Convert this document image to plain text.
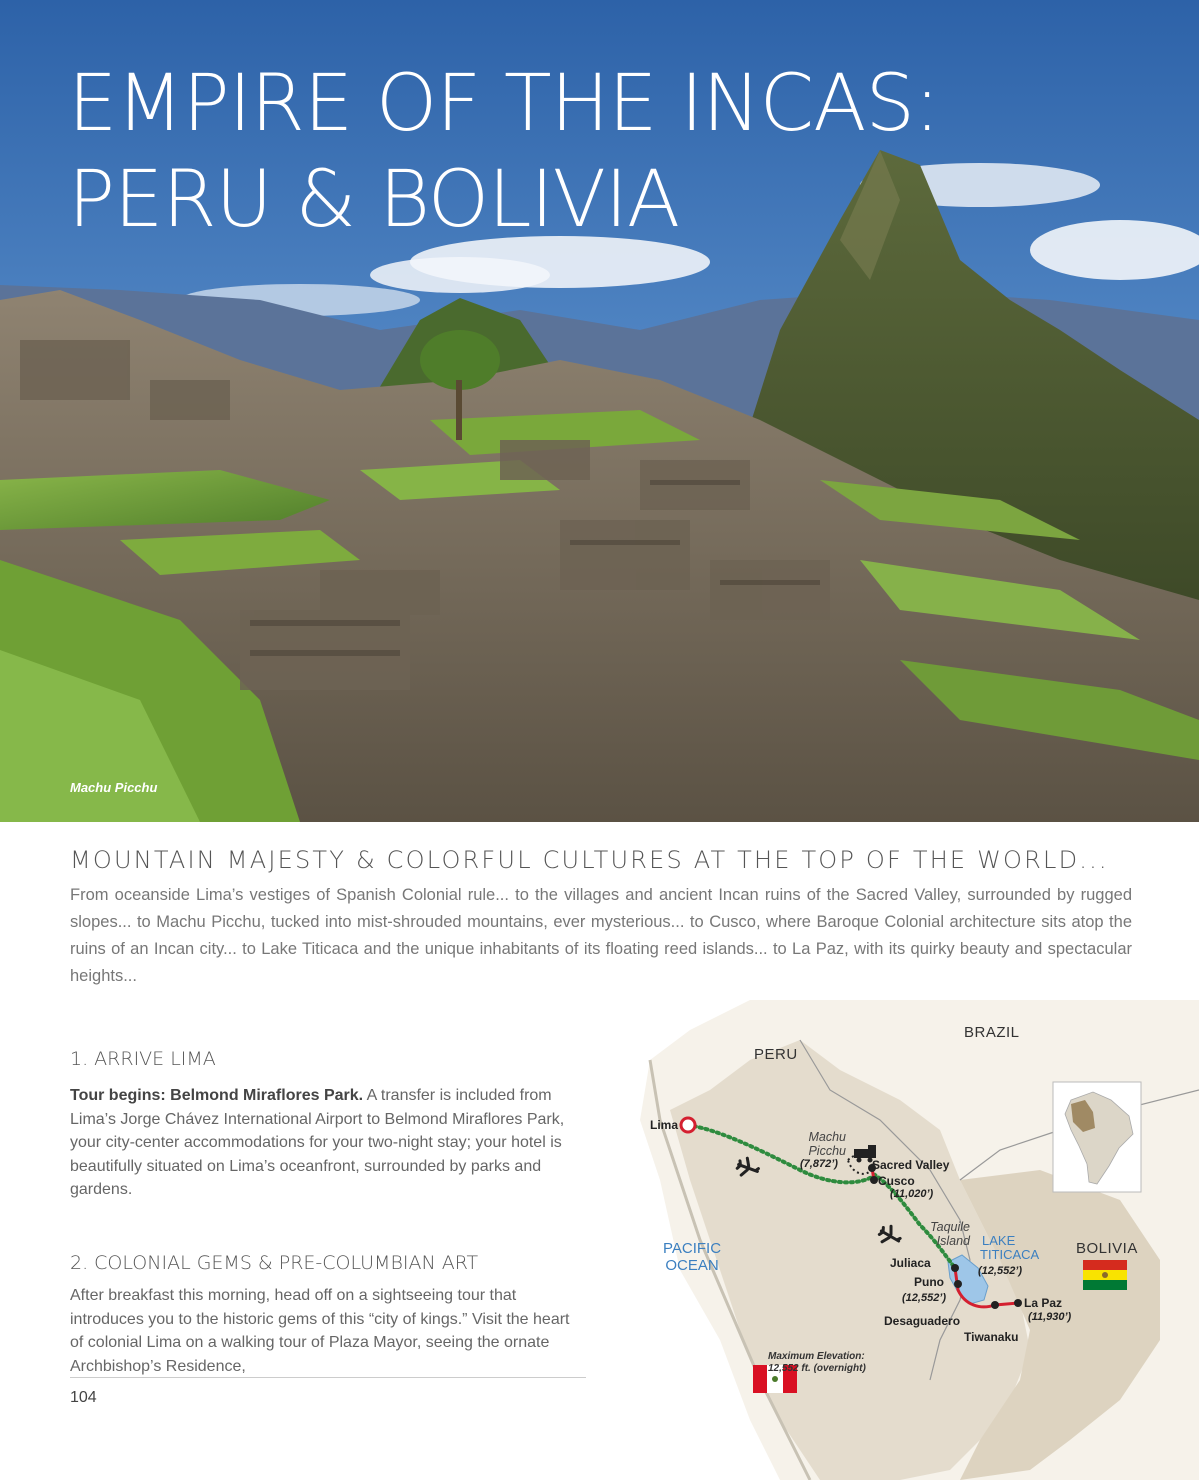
EMPIRE OF THE INCAS:
PERU & BOLIVIA
Machu Picchu
MOUNTAIN MAJESTY & COLORFUL CULTURES AT THE TOP OF THE WORLD...

From oceanside Lima’s vestiges of Spanish Colonial rule... to the villages and ancient Incan ruins of the Sacred Valley, surrounded by rugged slopes... to Machu Picchu, tucked into mist-shrouded mountains, ever mysterious... to Cusco, where Baroque Colonial architecture sits atop the ruins of an Incan city... to Lake Titicaca and the unique inhabitants of its floating reed islands... to La Paz, with its quirky beauty and spectacular heights...

1. ARRIVE LIMA

Tour begins: Belmond Miraflores Park. A transfer is included from Lima’s Jorge Chávez International Airport to Belmond Miraflores Park, your city-center accommodations for your two-night stay; your hotel is beautifully situated on Lima’s oceanfront, surrounded by parks and gardens.

2. COLONIAL GEMS & PRE-COLUMBIAN ART

After breakfast this morning, head off on a sightseeing tour that introduces you to the historic gems of this “city of kings.” Visit the heart of colonial Lima on a walking tour of Plaza Mayor, seeing the ornate Archbishop’s Residence,

104
BRAZIL
PERU
BOLIVIA
PACIFIC
OCEAN
Lima
Machu
Picchu
(7,872’)	Sacred Valley
Cusco
(11,020’)
Taquile
Island LAKE
TITICACA
(12,552’)
Juliaca
Puno
(12,552’)	La Paz
(11,930’)
Desaguadero
Tiwanaku
Maximum Elevation:
12,552 ft. (overnight)
